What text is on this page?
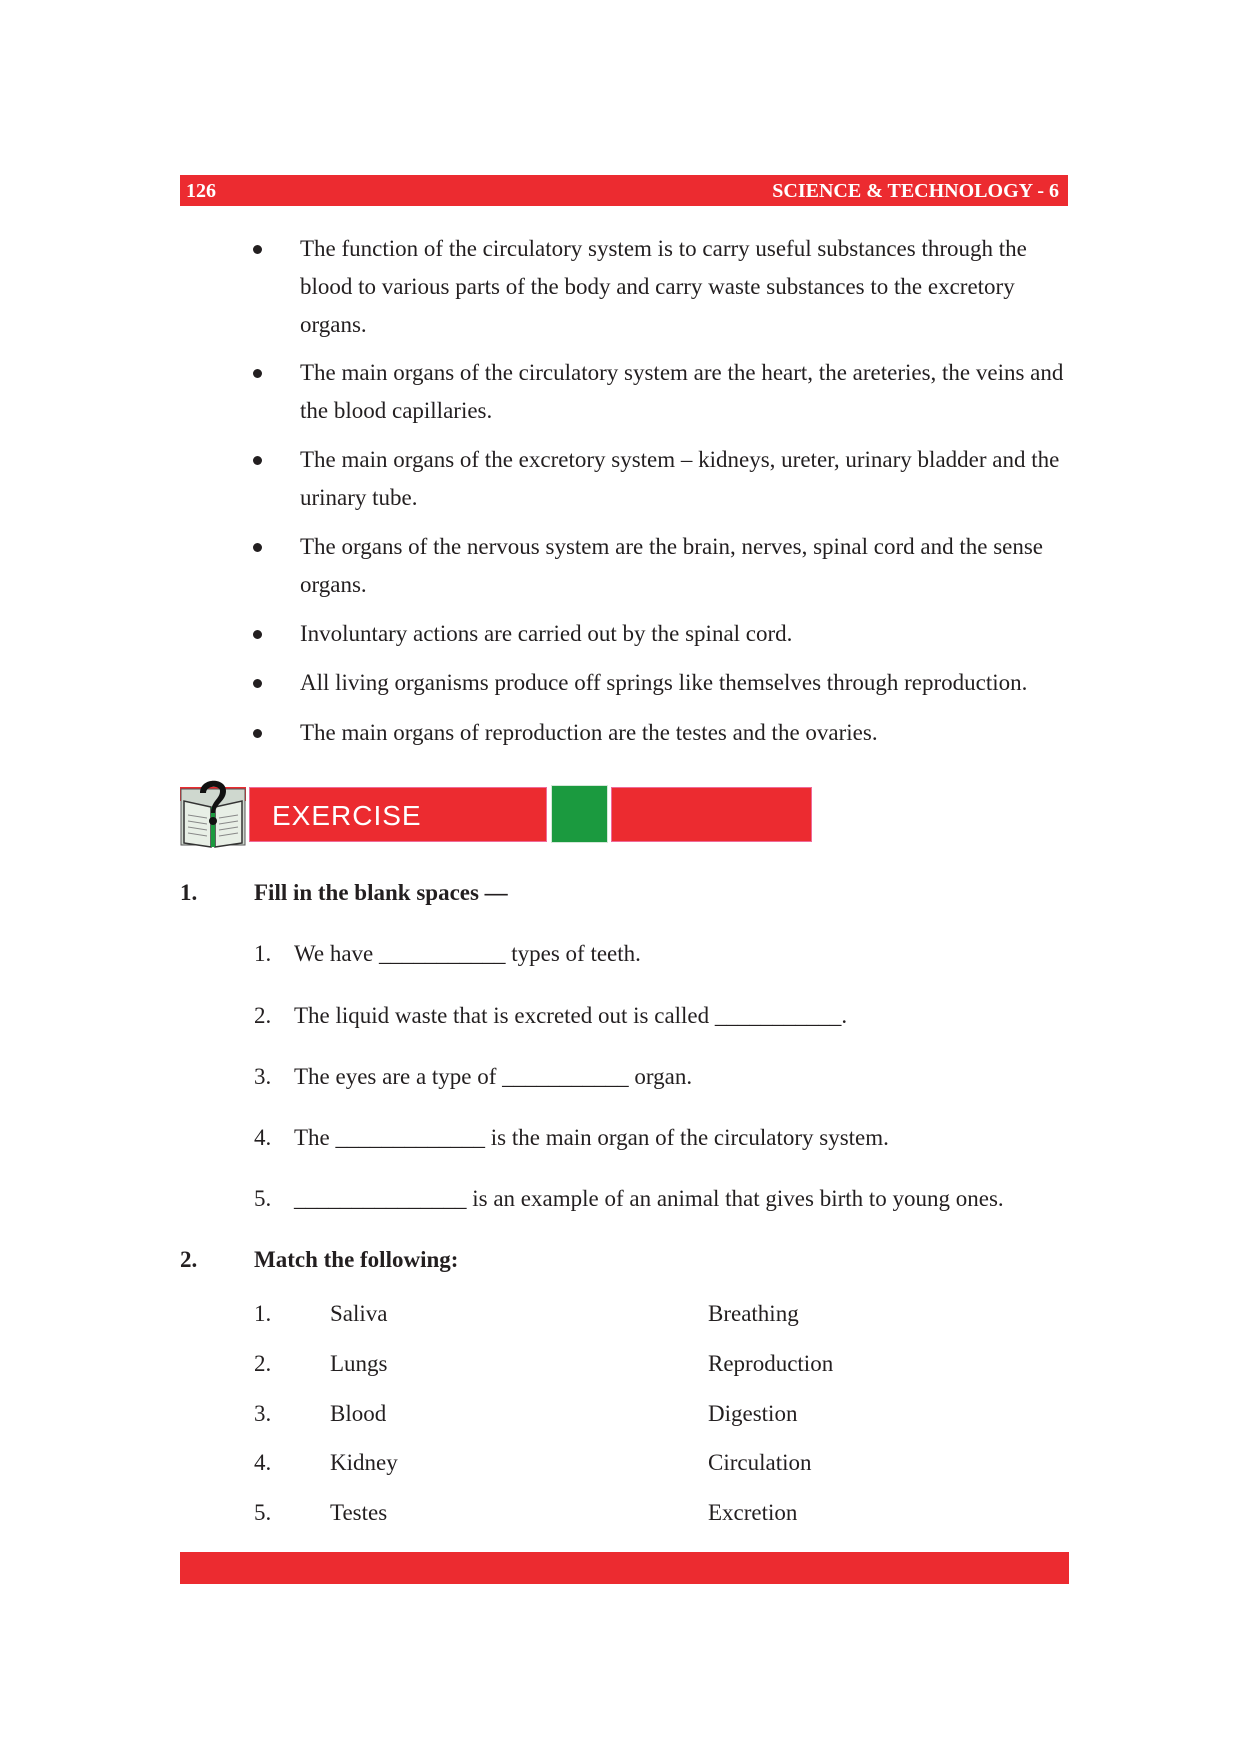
126	SCIENCE & TECHNOLOGY - 6
The function of the circulatory system is to carry useful substances through the blood to various parts of the body and carry waste substances to the excretory organs.
The main organs of the circulatory system are the heart, the areteries, the veins and the blood capillaries.
The main organs of the excretory system – kidneys, ureter, urinary bladder and the urinary tube.
The organs of the nervous system are the brain, nerves, spinal cord and the sense organs.
Involuntary actions are carried out by the spinal cord.
All living organisms produce off springs like themselves through reproduction.
The main organs of reproduction are the testes and the ovaries.
EXERCISE
1. Fill in the blank spaces —
1. We have ___________ types of teeth.
2. The liquid waste that is excreted out is called ___________.
3. The eyes are a type of ___________ organ.
4. The _____________ is the main organ of the circulatory system.
5. _______________ is an example of an animal that gives birth to young ones.
2. Match the following:
1.	Saliva	Breathing
2.	Lungs	Reproduction
3.	Blood	Digestion
4.	Kidney	Circulation
5.	Testes	Excretion
